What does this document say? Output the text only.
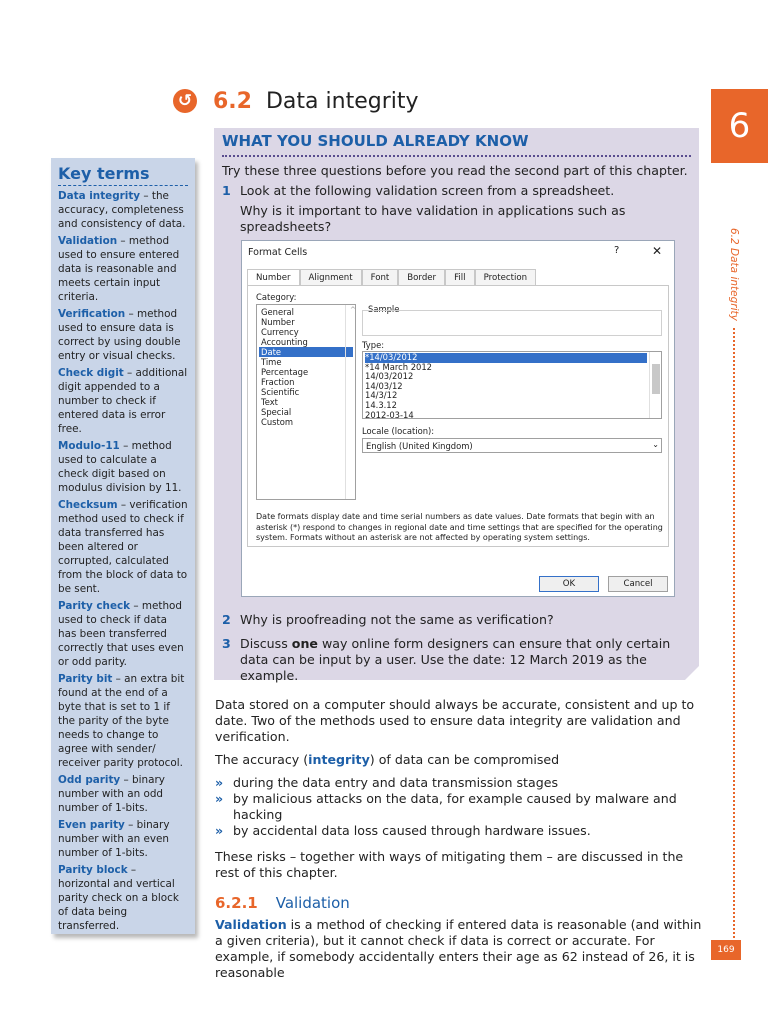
↺ 6.2 Data integrity
6
6.2 Data integrity
169
Key terms
Data integrity – the accuracy, completeness and consistency of data.
Validation – method used to ensure entered data is reasonable and meets certain input criteria.
Verification – method used to ensure data is correct by using double entry or visual checks.
Check digit – additional digit appended to a number to check if entered data is error free.
Modulo-11 – method used to calculate a check digit based on modulus division by 11.
Checksum – verification method used to check if data transferred has been altered or corrupted, calculated from the block of data to be sent.
Parity check – method used to check if data has been transferred correctly that uses even or odd parity.
Parity bit – an extra bit found at the end of a byte that is set to 1 if the parity of the byte needs to change to agree with sender/ receiver parity protocol.
Odd parity – binary number with an odd number of 1-bits.
Even parity – binary number with an even number of 1-bits.
Parity block – horizontal and vertical parity check on a block of data being transferred.
WHAT YOU SHOULD ALREADY KNOW
Try these three questions before you read the second part of this chapter.
1 Look at the following validation screen from a spreadsheet.

Why is it important to have validation in applications such as spreadsheets?

2 Why is proofreading not the same as verification?

3 Discuss one way online form designers can ensure that only certain data can be input by a user. Use the date: 12 March 2019 as the example.

Format Cells	?	✕
Number	Alignment	Font	Border	Fill	Protection
Category:
^
General
Number
Currency
Accounting
Date
Time
Percentage
Fraction
Scientific
Text
Special
Custom
Sample
Type:
*14/03/2012
*14 March 2012
14/03/2012
14/03/12
14/3/12
14.3.12
2012-03-14
Locale (location):
English (United Kingdom)	⌄
Date formats display date and time serial numbers as date values. Date formats that begin with an asterisk (*) respond to changes in regional date and time settings that are specified for the operating system. Formats without an asterisk are not affected by operating system settings.
OK	Cancel

Data stored on a computer should always be accurate, consistent and up to date. Two of the methods used to ensure data integrity are validation and verification.

The accuracy (integrity) of data can be compromised

» during the data entry and data transmission stages
» by malicious attacks on the data, for example caused by malware and hacking
» by accidental data loss caused through hardware issues.

These risks – together with ways of mitigating them – are discussed in the rest of this chapter.

6.2.1 Validation

Validation is a method of checking if entered data is reasonable (and within a given criteria), but it cannot check if data is correct or accurate. For example, if somebody accidentally enters their age as 62 instead of 26, it is reasonable
